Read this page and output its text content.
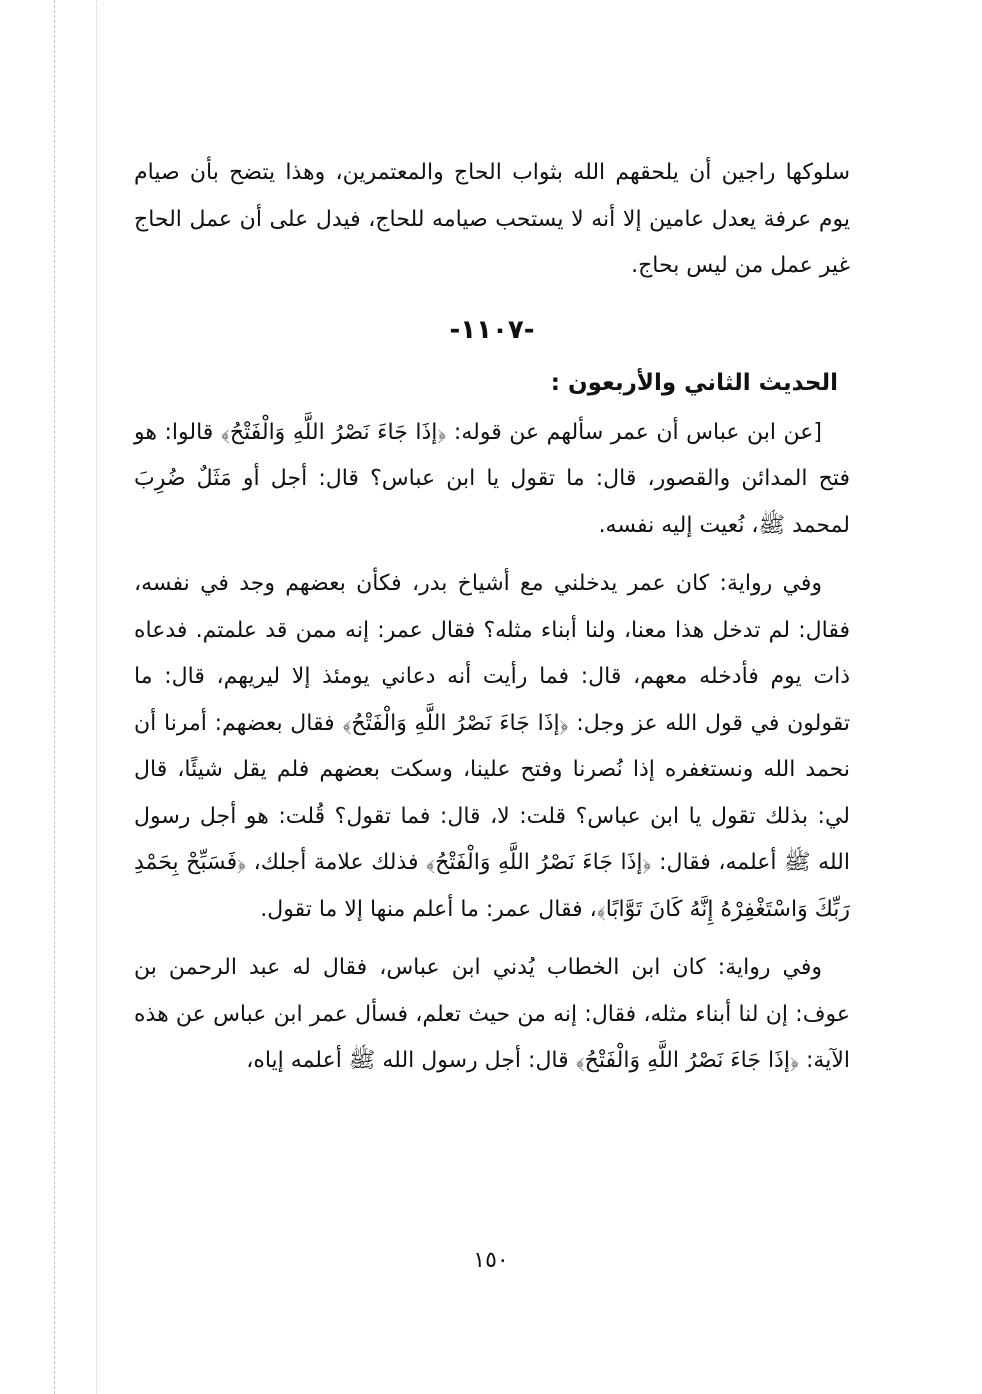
سلوكها راجين أن يلحقهم الله بثواب الحاج والمعتمرين، وهذا يتضح بأن صيام يوم عرفة يعدل عامين إلا أنه لا يستحب صيامه للحاج، فيدل على أن عمل الحاج غير عمل من ليس بحاج.

-١١٠٧-
الحديث الثاني والأربعون :

[عن ابن عباس أن عمر سألهم عن قوله: ﴿إذَا جَاءَ نَصْرُ اللَّهِ وَالْفَتْحُ﴾ قالوا: هو فتح المدائن والقصور، قال: ما تقول يا ابن عباس؟ قال: أجل أو مَثَلٌ ضُرِبَ لمحمد ﷺ، نُعيت إليه نفسه.

وفي رواية: كان عمر يدخلني مع أشياخ بدر، فكأن بعضهم وجد في نفسه، فقال: لم تدخل هذا معنا، ولنا أبناء مثله؟ فقال عمر: إنه ممن قد علمتم. فدعاه ذات يوم فأدخله معهم، قال: فما رأيت أنه دعاني يومئذ إلا ليريهم، قال: ما تقولون في قول الله عز وجل: ﴿إذَا جَاءَ نَصْرُ اللَّهِ وَالْفَتْحُ﴾ فقال بعضهم: أمرنا أن نحمد الله ونستغفره إذا نُصرنا وفتح علينا، وسكت بعضهم فلم يقل شيئًا، قال لي: بذلك تقول يا ابن عباس؟ قلت: لا، قال: فما تقول؟ قُلت: هو أجل رسول الله ﷺ أعلمه، فقال: ﴿إذَا جَاءَ نَصْرُ اللَّهِ وَالْفَتْحُ﴾ فذلك علامة أجلك، ﴿فَسَبِّحْ بِحَمْدِ رَبِّكَ وَاسْتَغْفِرْهُ إِنَّهُ كَانَ تَوَّابًا﴾، فقال عمر: ما أعلم منها إلا ما تقول.

وفي رواية: كان ابن الخطاب يُدني ابن عباس، فقال له عبد الرحمن بن عوف: إن لنا أبناء مثله، فقال: إنه من حيث تعلم، فسأل عمر ابن عباس عن هذه الآية: ﴿إذَا جَاءَ نَصْرُ اللَّهِ وَالْفَتْحُ﴾ قال: أجل رسول الله ﷺ أعلمه إياه،

١٥٠
